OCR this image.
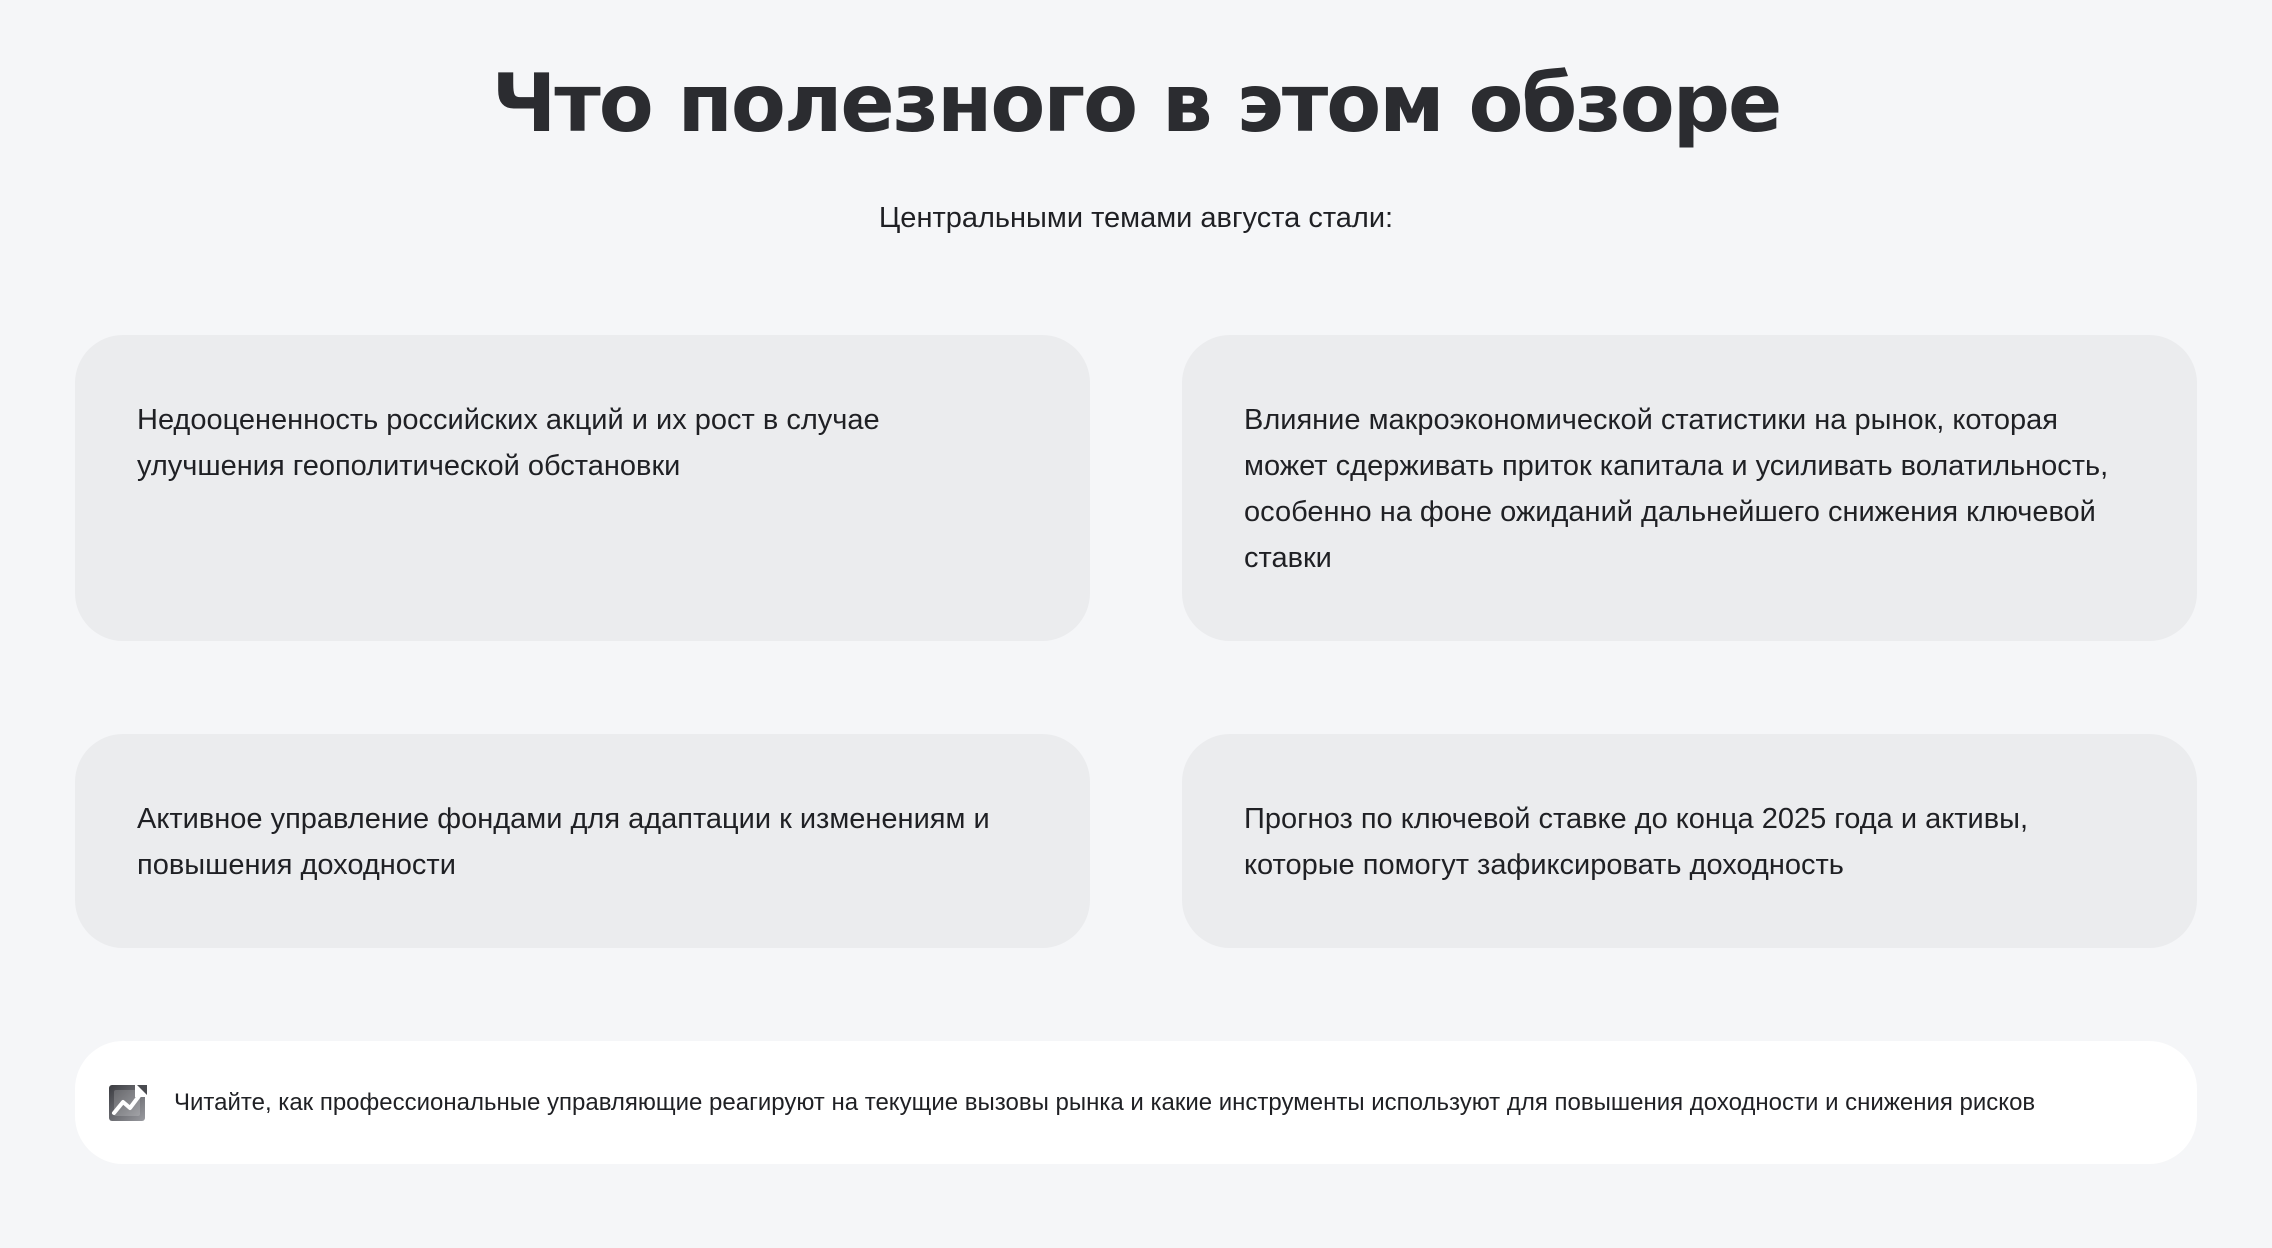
Что полезного в этом обзоре

Центральными темами августа стали:

Недооцененность российских акций и их рост в случае улучшения геополитической обстановки

Влияние макроэкономической статистики на рынок, которая может сдерживать приток капитала и усиливать волатильность, особенно на фоне ожиданий дальнейшего снижения ключевой ставки

Активное управление фондами для адаптации к изменениям и повышения доходности

Прогноз по ключевой ставке до конца 2025 года и активы, которые помогут зафиксировать доходность

Читайте, как профессиональные управляющие реагируют на текущие вызовы рынка и какие инструменты используют для повышения доходности и снижения рисков
